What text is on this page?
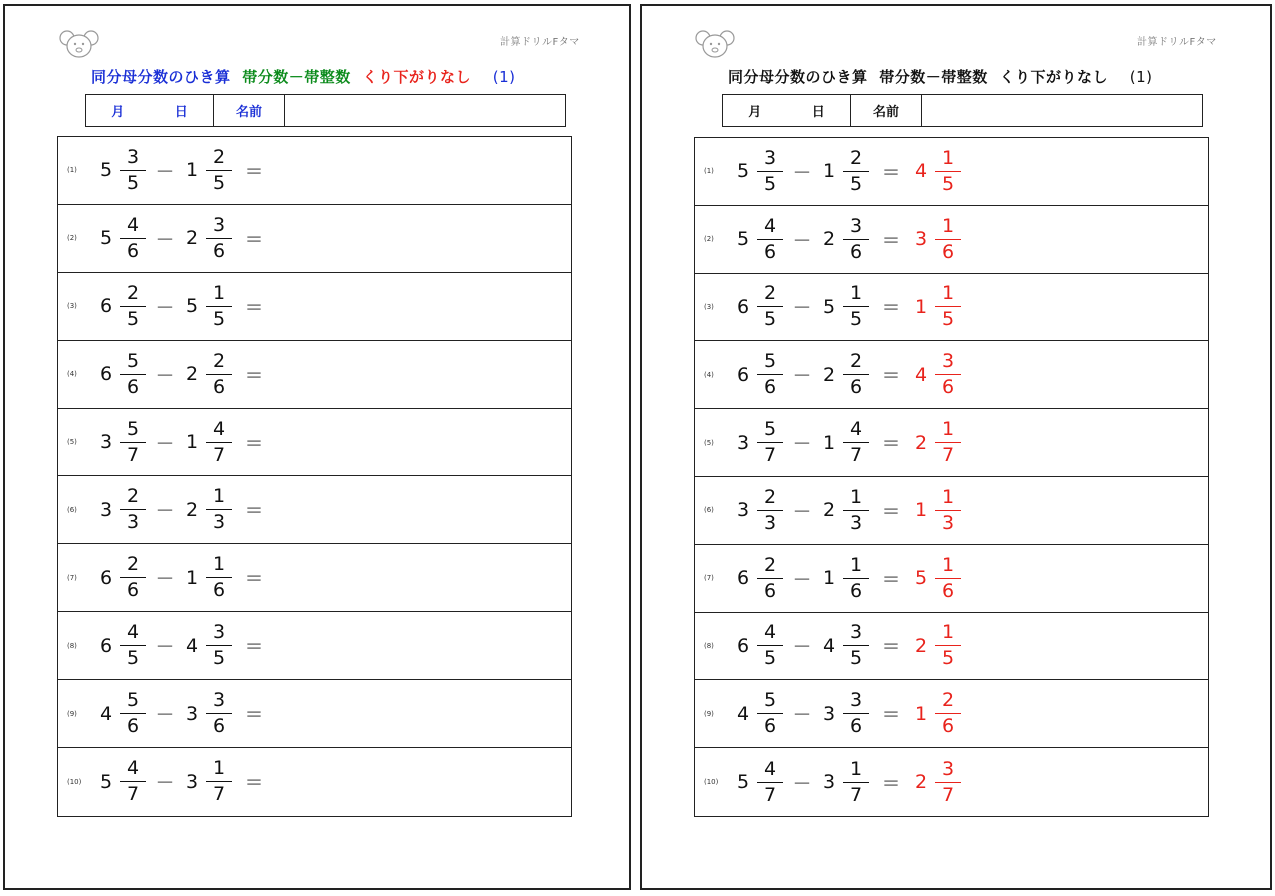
計算ドリルFタマ
同分母分数のひき算 帯分数－帯整数 くり下がりなし (1)
月	日	名前
(1) $5 \frac{3}{5} - 1 \frac{2}{5}$ ＝
(2) $5 \frac{4}{6} - 2 \frac{3}{6}$ ＝
(3) $6 \frac{2}{5} - 5 \frac{1}{5}$ ＝
(4) $6 \frac{5}{6} - 2 \frac{2}{6}$ ＝
(5) $3 \frac{5}{7} - 1 \frac{4}{7}$ ＝
(6) $3 \frac{2}{3} - 2 \frac{1}{3}$ ＝
(7) $6 \frac{2}{6} - 1 \frac{1}{6}$ ＝
(8) $6 \frac{4}{5} - 4 \frac{3}{5}$ ＝
(9) $4 \frac{5}{6} - 3 \frac{3}{6}$ ＝
(10) $5 \frac{4}{7} - 3 \frac{1}{7}$ ＝
計算ドリルFタマ
同分母分数のひき算 帯分数－帯整数 くり下がりなし (1)
月	日	名前
(1) $5 \frac{3}{5} - 1 \frac{2}{5} = 4 \frac{1}{5}$
(2) $5 \frac{4}{6} - 2 \frac{3}{6} = 3 \frac{1}{6}$
(3) $6 \frac{2}{5} - 5 \frac{1}{5} = 1 \frac{1}{5}$
(4) $6 \frac{5}{6} - 2 \frac{2}{6} = 4 \frac{3}{6}$
(5) $3 \frac{5}{7} - 1 \frac{4}{7} = 2 \frac{1}{7}$
(6) $3 \frac{2}{3} - 2 \frac{1}{3} = 1 \frac{1}{3}$
(7) $6 \frac{2}{6} - 1 \frac{1}{6} = 5 \frac{1}{6}$
(8) $6 \frac{4}{5} - 4 \frac{3}{5} = 2 \frac{1}{5}$
(9) $4 \frac{5}{6} - 3 \frac{3}{6} = 1 \frac{2}{6}$
(10) $5 \frac{4}{7} - 3 \frac{1}{7} = 2 \frac{3}{7}$
